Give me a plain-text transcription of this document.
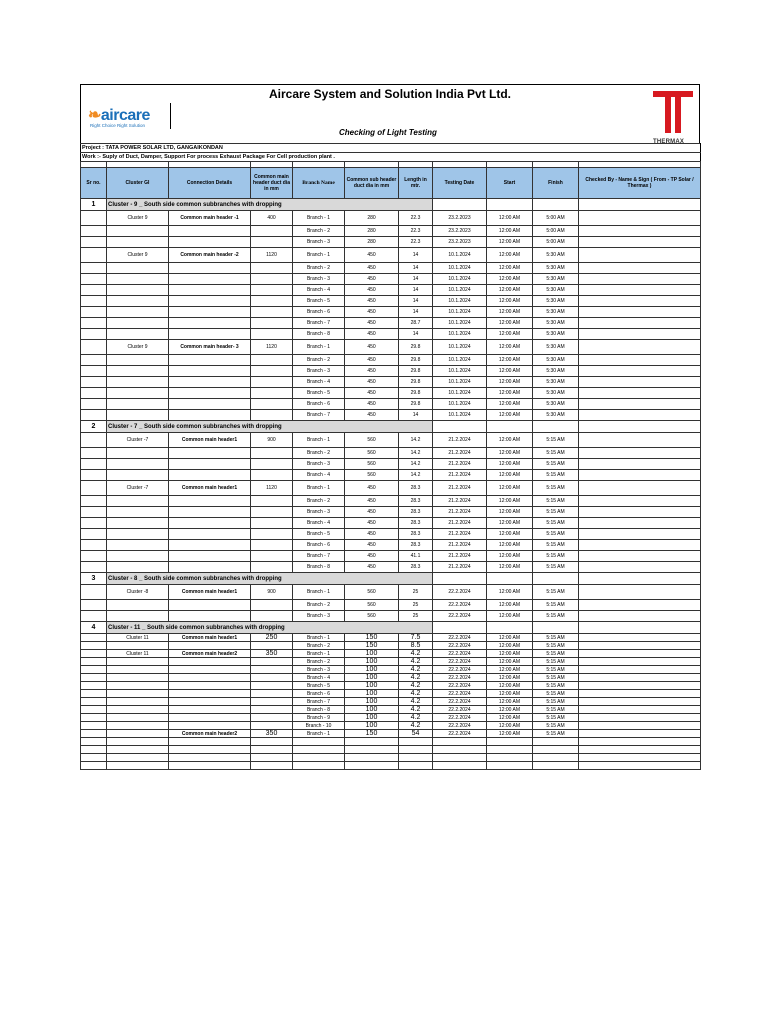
Aircare System and Solution India Pvt Ltd.
❧aircare
Right Choice Right Solution
THERMAX
Checking of Light Testing
Project : TATA POWER SOLAR LTD, GANGAIKONDAN										
Work :- Suply of Duct, Damper, Support For process Exhaust Package For Cell production plant .										

Sr no.	Cluster GI	Connection Details	Common main header duct dia in mm	Branch Name	Common sub header duct dia in mm	Length in mtr.	Testing Date	Start	Finish	Checked By - Name & Sign ( From - TP Solar / Thermax )
1	Cluster - 9 _ South side common subbranches with dropping									
	Cluster 9	Common main header -1	400	Branch - 1	280	22.3	23.2.2023	12:00 AM	5:00 AM	
				Branch - 2	280	22.3	23.2.2023	12:00 AM	5:00 AM	
				Branch - 3	280	22.3	23.2.2023	12:00 AM	5:00 AM	
	Cluster 9	Common main header -2	1120	Branch - 1	450	14	10.1.2024	12:00 AM	5:30 AM	
				Branch - 2	450	14	10.1.2024	12:00 AM	5:30 AM	
				Branch - 3	450	14	10.1.2024	12:00 AM	5:30 AM	
				Branch - 4	450	14	10.1.2024	12:00 AM	5:30 AM	
				Branch - 5	450	14	10.1.2024	12:00 AM	5:30 AM	
				Branch - 6	450	14	10.1.2024	12:00 AM	5:30 AM	
				Branch - 7	450	28.7	10.1.2024	12:00 AM	5:30 AM	
				Branch - 8	450	14	10.1.2024	12:00 AM	5:30 AM	
	Cluster 9	Common main header- 3	1120	Branch - 1	450	29.8	10.1.2024	12:00 AM	5:30 AM	
				Branch - 2	450	29.8	10.1.2024	12:00 AM	5:30 AM	
				Branch - 3	450	29.8	10.1.2024	12:00 AM	5:30 AM	
				Branch - 4	450	29.8	10.1.2024	12:00 AM	5:30 AM	
				Branch - 5	450	29.8	10.1.2024	12:00 AM	5:30 AM	
				Branch - 6	450	29.8	10.1.2024	12:00 AM	5:30 AM	
				Branch - 7	450	14	10.1.2024	12:00 AM	5:30 AM	
2	Cluster - 7 _ South side common subbranches with dropping									
	Cluster -7	Common main header1	900	Branch - 1	560	14.2	21.2.2024	12:00 AM	5:15 AM	
				Branch - 2	560	14.2	21.2.2024	12:00 AM	5:15 AM	
				Branch - 3	560	14.2	21.2.2024	12:00 AM	5:15 AM	
				Branch - 4	560	14.2	21.2.2024	12:00 AM	5:15 AM	
	Cluster -7	Common main header1	1120	Branch - 1	450	28.3	21.2.2024	12:00 AM	5:15 AM	
				Branch - 2	450	28.3	21.2.2024	12:00 AM	5:15 AM	
				Branch - 3	450	28.3	21.2.2024	12:00 AM	5:15 AM	
				Branch - 4	450	28.3	21.2.2024	12:00 AM	5:15 AM	
				Branch - 5	450	28.3	21.2.2024	12:00 AM	5:15 AM	
				Branch - 6	450	28.3	21.2.2024	12:00 AM	5:15 AM	
				Branch - 7	450	41.1	21.2.2024	12:00 AM	5:15 AM	
				Branch - 8	450	28.3	21.2.2024	12:00 AM	5:15 AM	
3	Cluster - 8 _ South side common subbranches with dropping									
	Cluster -8	Common main header1	900	Branch - 1	560	25	22.2.2024	12:00 AM	5:15 AM	
				Branch - 2	560	25	22.2.2024	12:00 AM	5:15 AM	
				Branch - 3	560	25	22.2.2024	12:00 AM	5:15 AM	
4	Cluster - 11 _ South side common subbranches with dropping									
	Cluster 11	Common main header1	250	Branch - 1	150	7.5	22.2.2024	12:00 AM	5:15 AM	
				Branch - 2	150	8.5	22.2.2024	12:00 AM	5:15 AM	
	Cluster 11	Common main header2	350	Branch - 1	100	4.2	22.2.2024	12:00 AM	5:15 AM	
				Branch - 2	100	4.2	22.2.2024	12:00 AM	5:15 AM	
				Branch - 3	100	4.2	22.2.2024	12:00 AM	5:15 AM	
				Branch - 4	100	4.2	22.2.2024	12:00 AM	5:15 AM	
				Branch - 5	100	4.2	22.2.2024	12:00 AM	5:15 AM	
				Branch - 6	100	4.2	22.2.2024	12:00 AM	5:15 AM	
				Branch - 7	100	4.2	22.2.2024	12:00 AM	5:15 AM	
				Branch - 8	100	4.2	22.2.2024	12:00 AM	5:15 AM	
				Branch - 9	100	4.2	22.2.2024	12:00 AM	5:15 AM	
				Branch - 10	100	4.2	22.2.2024	12:00 AM	5:15 AM	
		Common main header2	350	Branch - 1	150	54	22.2.2024	12:00 AM	5:15 AM	
